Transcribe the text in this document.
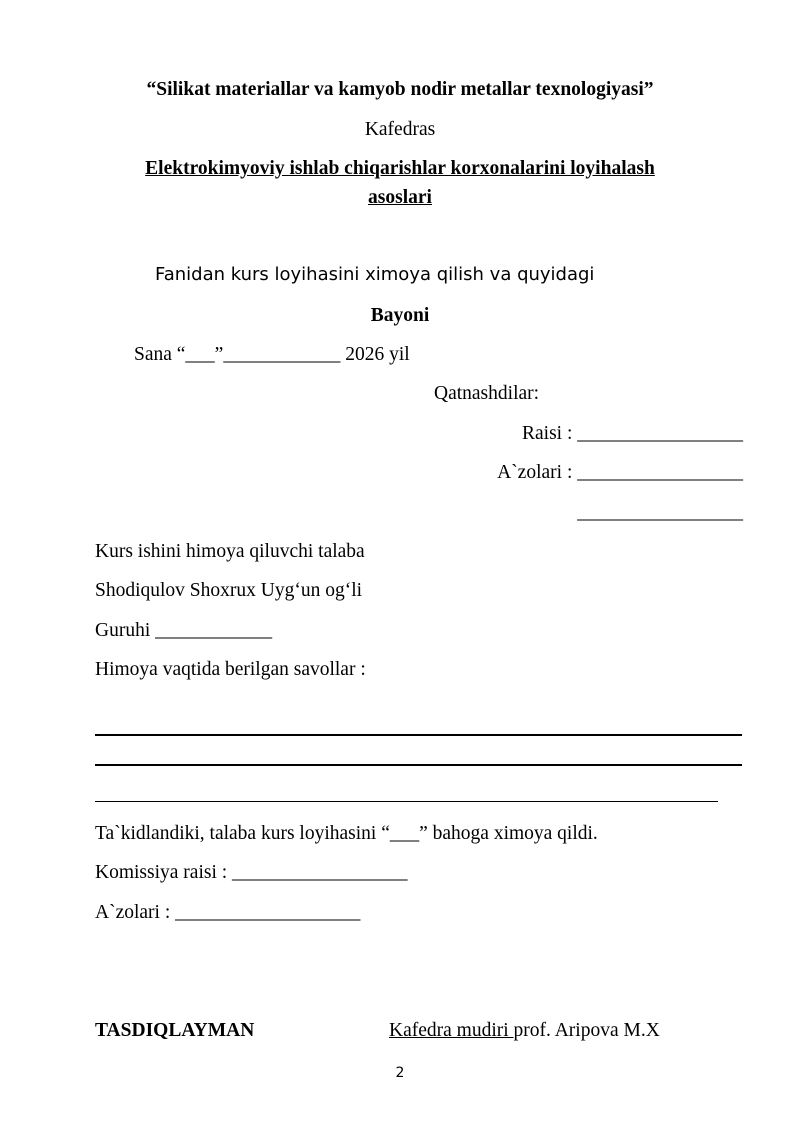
“Silikat materiallar va kamyob nodir metallar texnologiyasi”
Kafedras
Elektrokimyoviy ishlab chiqarishlar korxonalarini loyihalash
asoslari
Fanidan kurs loyihasini ximoya qilish va quyidagi
Bayoni
Sana “___”____________ 2026 yil
Qatnashdilar:
Raisi : _________________
A`zolari : _________________
_________________
Kurs ishini himoya qiluvchi talaba
Shodiqulov Shoxrux Uyg‘un og‘li
Guruhi ____________
Himoya vaqtida berilgan savollar :
Ta`kidlandiki, talaba kurs loyihasini “___” bahoga ximoya qildi.
Komissiya raisi : __________________
A`zolari : ___________________
TASDIQLAYMAN	Kafedra mudiri prof. Aripova M.X
2
